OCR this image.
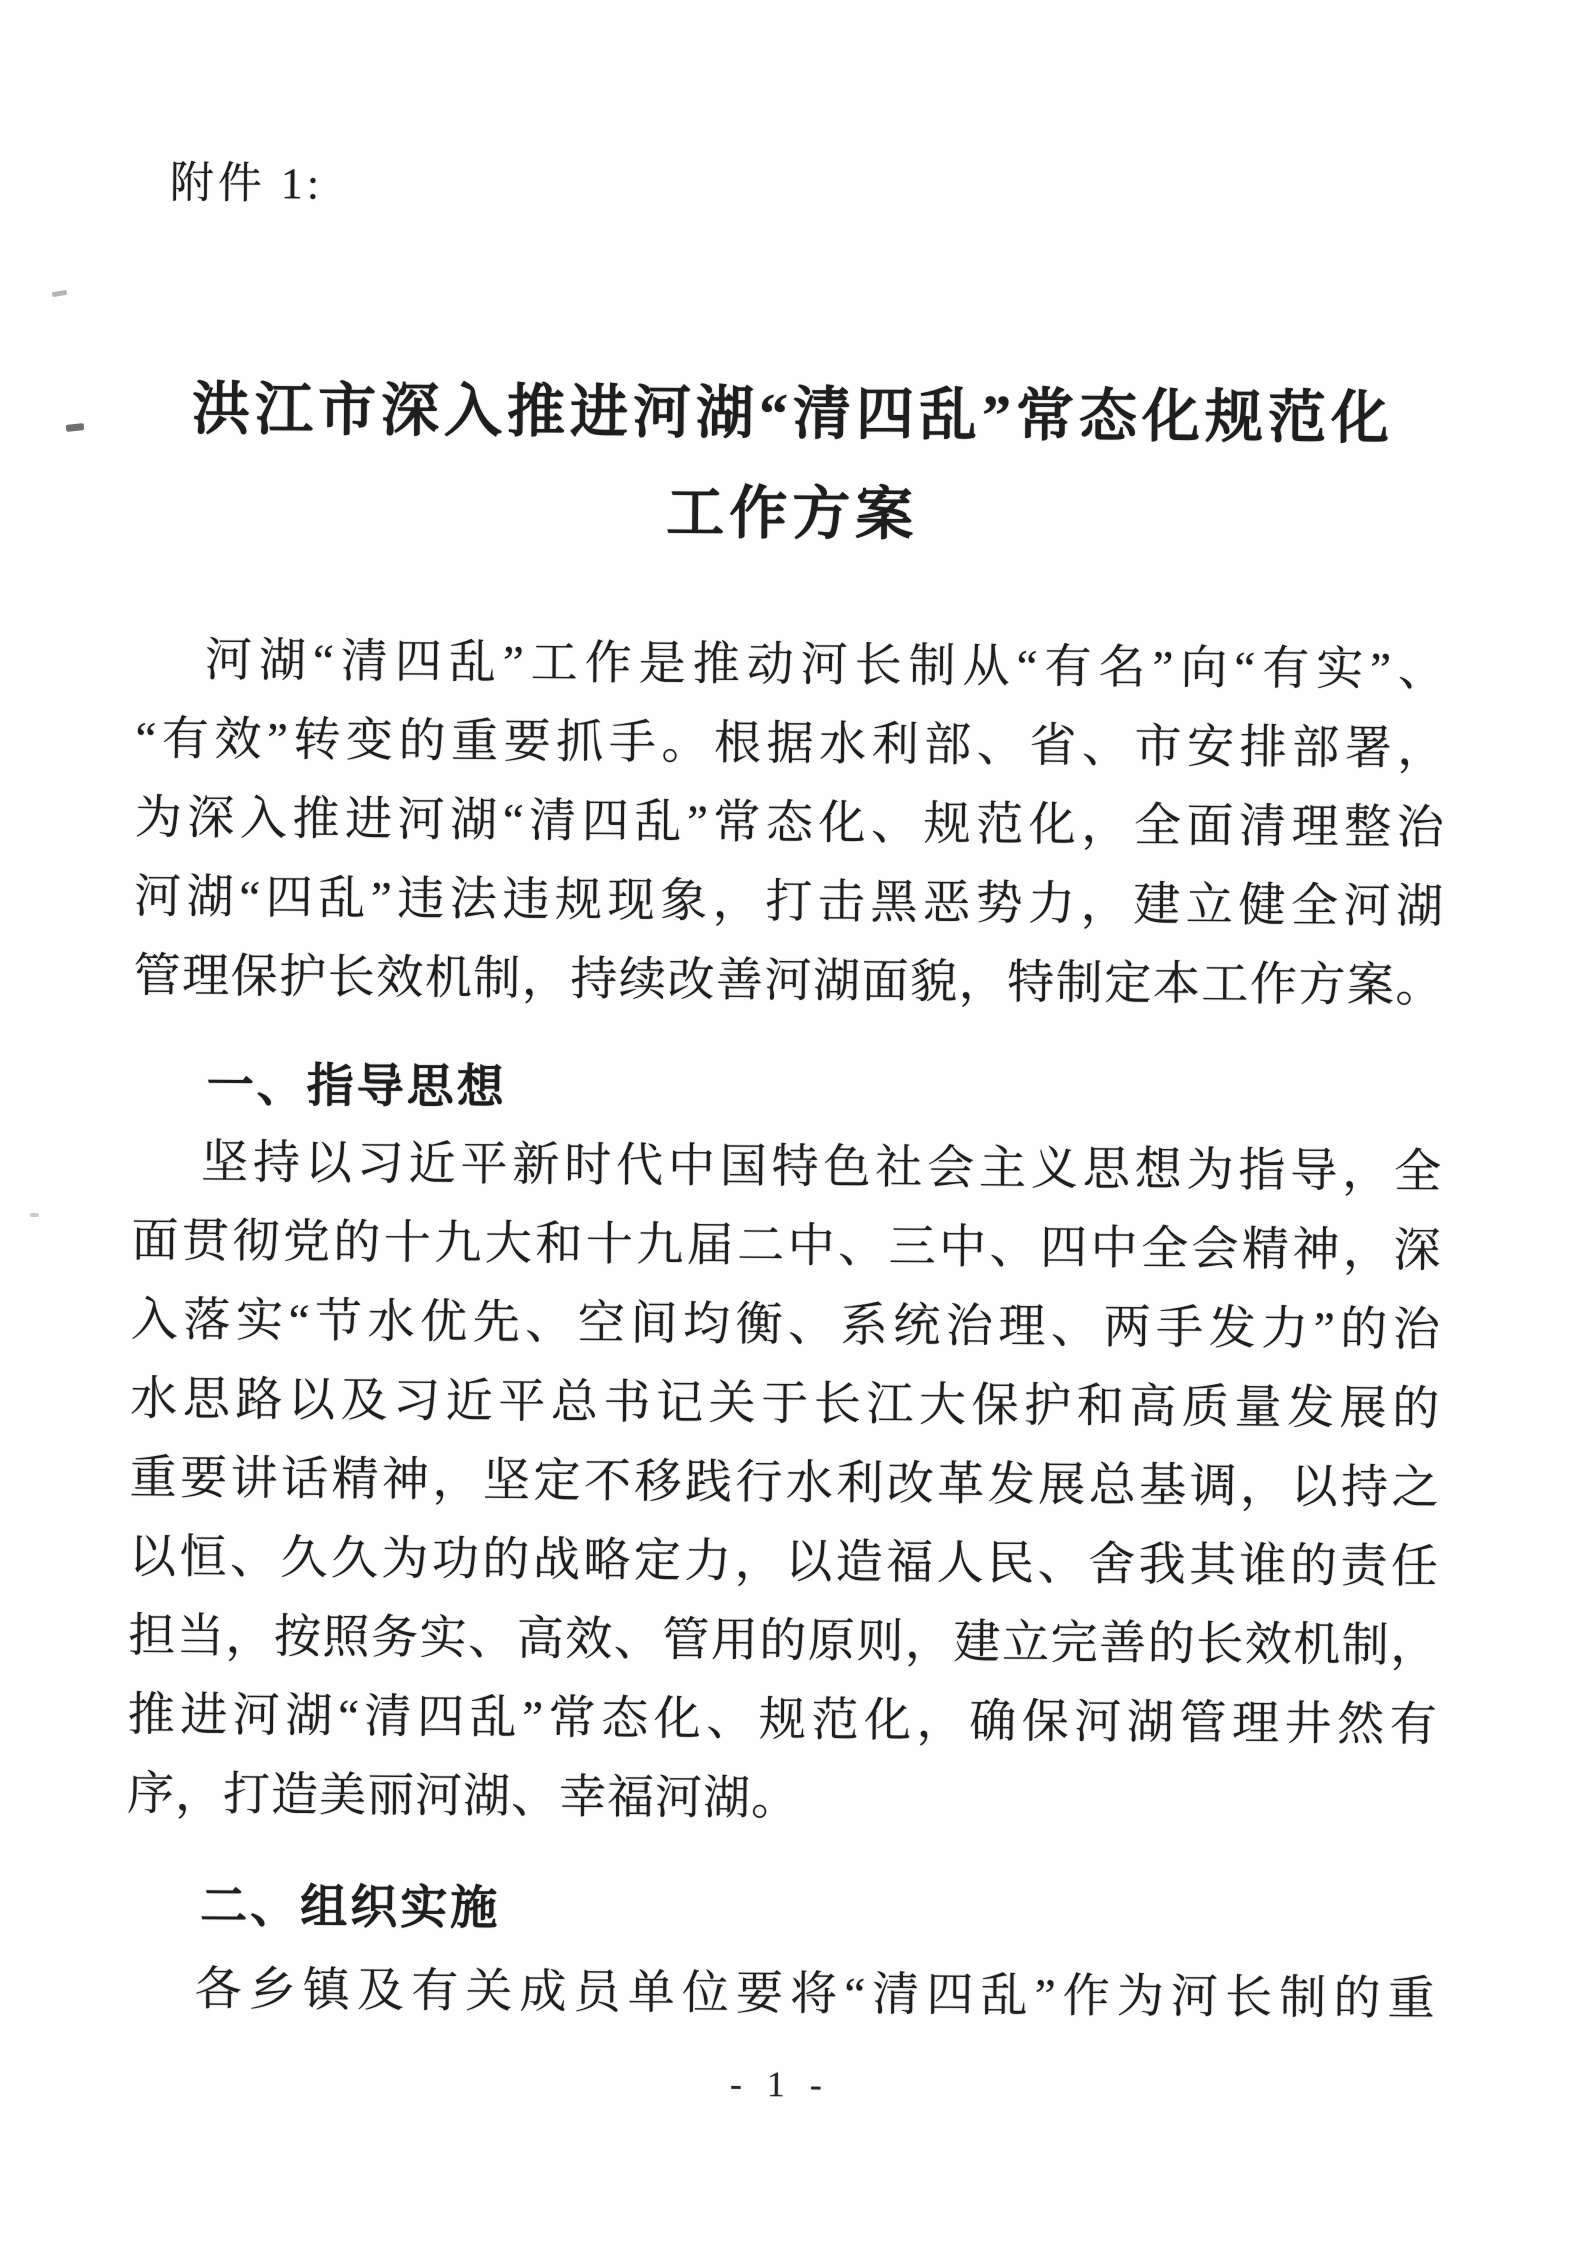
附件 1:
洪江市深入推进河湖“清四乱”常态化规范化
工作方案
河湖“清四乱”工作是推动河长制从“有名”向“有实”、
“有效”转变的重要抓手。根据水利部、省、市安排部署，
为深入推进河湖“清四乱”常态化、规范化，全面清理整治
河湖“四乱”违法违规现象，打击黑恶势力，建立健全河湖
管理保护长效机制，持续改善河湖面貌，特制定本工作方案。
一、指导思想
坚持以习近平新时代中国特色社会主义思想为指导，全
面贯彻党的十九大和十九届二中、三中、四中全会精神，深
入落实“节水优先、空间均衡、系统治理、两手发力”的治
水思路以及习近平总书记关于长江大保护和高质量发展的
重要讲话精神，坚定不移践行水利改革发展总基调，以持之
以恒、久久为功的战略定力，以造福人民、舍我其谁的责任
担当，按照务实、高效、管用的原则，建立完善的长效机制，
推进河湖“清四乱”常态化、规范化，确保河湖管理井然有
序，打造美丽河湖、幸福河湖。
二、组织实施
各乡镇及有关成员单位要将“清四乱”作为河长制的重
- 1 -
